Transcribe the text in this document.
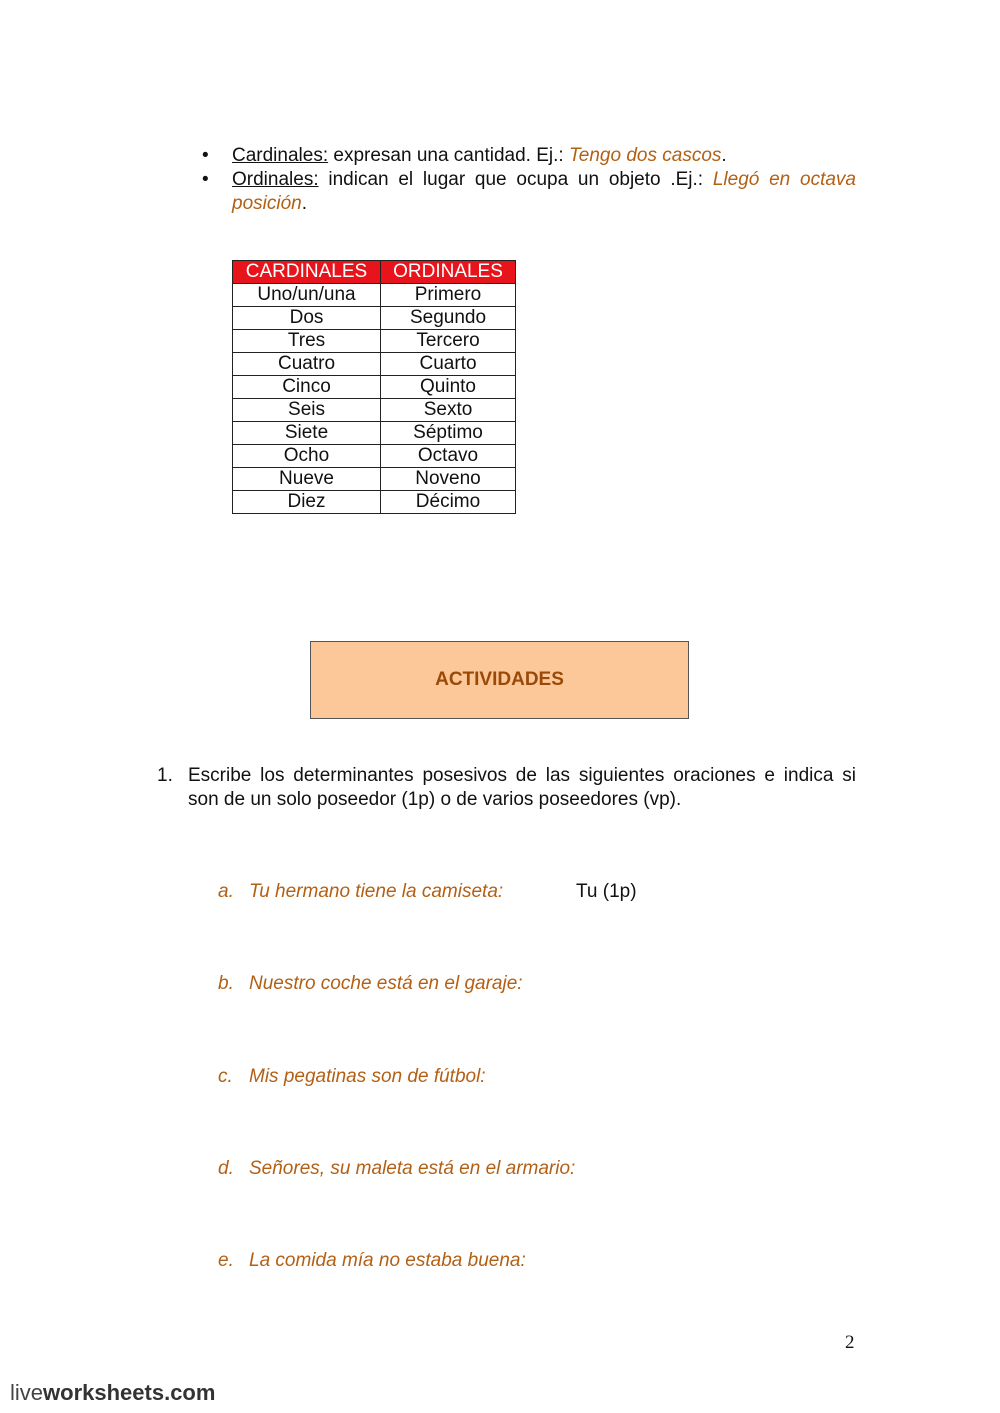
• Cardinales: expresan una cantidad. Ej.: Tengo dos cascos.
• Ordinales: indican el lugar que ocupa un objeto .Ej.: Llegó en octava posición.
CARDINALES	ORDINALES
Uno/un/una	Primero
Dos	Segundo
Tres	Tercero
Cuatro	Cuarto
Cinco	Quinto
Seis	Sexto
Siete	Séptimo
Ocho	Octavo
Nueve	Noveno
Diez	Décimo
ACTIVIDADES
1. Escribe los determinantes posesivos de las siguientes oraciones e indica si son de un solo poseedor (1p) o de varios poseedores (vp).
a. Tu hermano tiene la camiseta:	Tu (1p)
b. Nuestro coche está en el garaje:
c. Mis pegatinas son de fútbol:
d. Señores, su maleta está en el armario:
e. La comida mía no estaba buena:
2
liveworksheets.com
